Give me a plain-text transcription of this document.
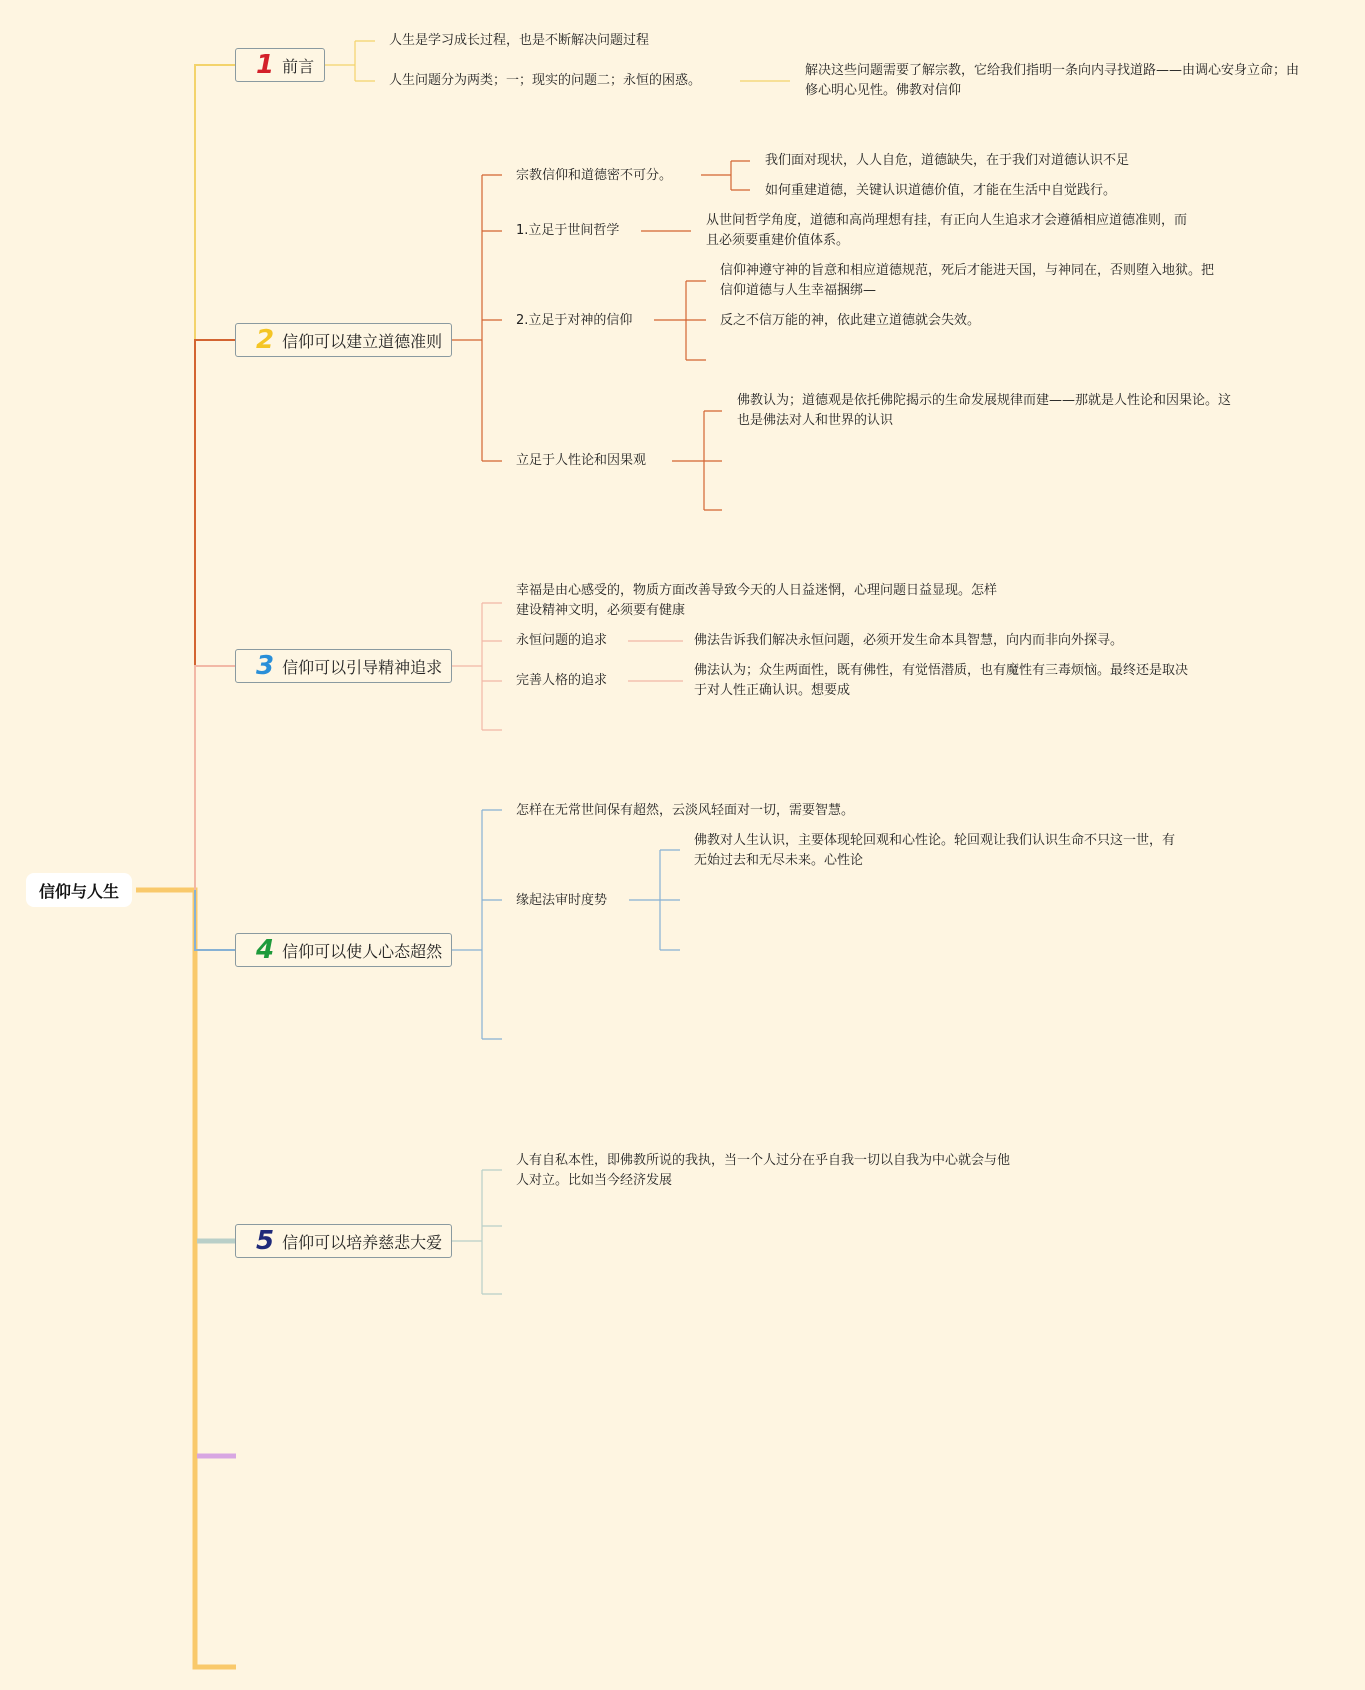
信仰与人生
1 前言
2 信仰可以建立道德准则
3 信仰可以引导精神追求
4 信仰可以使人心态超然
5 信仰可以培养慈悲大爱
人生是学习成长过程，也是不断解决问题过程
人生问题分为两类；一；现实的问题二；永恒的困惑。
解决这些问题需要了解宗教，它给我们指明一条向内寻找道路——由调心安身立命；由修心明心见性。佛教对信仰
宗教信仰和道德密不可分。
我们面对现状，人人自危，道德缺失，在于我们对道德认识不足
如何重建道德，关键认识道德价值，才能在生活中自觉践行。
1.立足于世间哲学
从世间哲学角度，道德和高尚理想有挂，有正向人生追求才会遵循相应道德准则，而且必须要重建价值体系。
2.立足于对神的信仰
信仰神遵守神的旨意和相应道德规范，死后才能进天国，与神同在，否则堕入地狱。把信仰道德与人生幸福捆绑—
反之不信万能的神，依此建立道德就会失效。
立足于人性论和因果观
佛教认为；道德观是依托佛陀揭示的生命发展规律而建——那就是人性论和因果论。这也是佛法对人和世界的认识
幸福是由心感受的，物质方面改善导致今天的人日益迷惘，心理问题日益显现。怎样建设精神文明，必须要有健康
永恒问题的追求	佛法告诉我们解决永恒问题，必须开发生命本具智慧，向内而非向外探寻。
完善人格的追求
佛法认为；众生两面性，既有佛性，有觉悟潜质，也有魔性有三毒烦恼。最终还是取决于对人性正确认识。想要成
怎样在无常世间保有超然，云淡风轻面对一切，需要智慧。
缘起法审时度势
佛教对人生认识，主要体现轮回观和心性论。轮回观让我们认识生命不只这一世，有无始过去和无尽未来。心性论
人有自私本性，即佛教所说的我执，当一个人过分在乎自我一切以自我为中心就会与他人对立。比如当今经济发展
